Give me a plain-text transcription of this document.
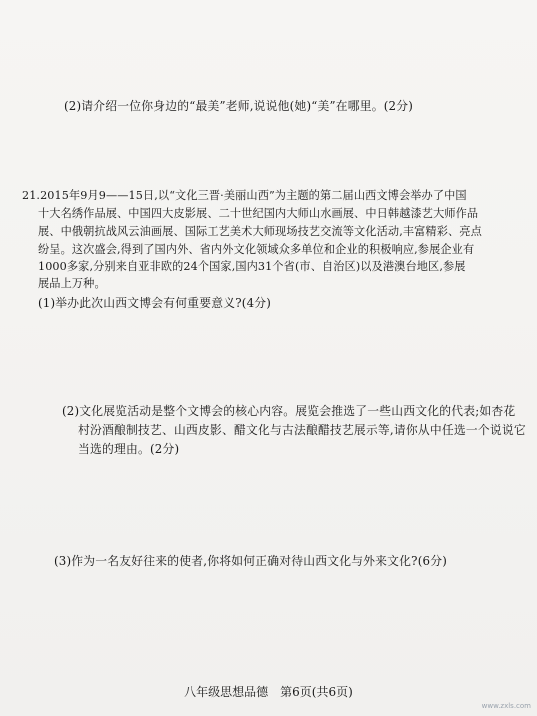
(2)请介绍一位你身边的“最美”老师,说说他(她)“美”在哪里。(2分)
21.2015年9月9——15日,以“文化三晋·美丽山西”为主题的第二届山西文博会举办了中国
十大名绣作品展、中国四大皮影展、二十世纪国内大师山水画展、中日韩越漆艺大师作品
展、中俄朝抗战风云油画展、国际工艺美术大师现场技艺交流等文化活动,丰富精彩、亮点
纷呈。这次盛会,得到了国内外、省内外文化领域众多单位和企业的积极响应,参展企业有
1000多家,分别来自亚非欧的24个国家,国内31个省(市、自治区)以及港澳台地区,参展
展品上万种。
(1)举办此次山西文博会有何重要意义?(4分)
(2)文化展览活动是整个文博会的核心内容。展览会推选了一些山西文化的代表;如杏花
村汾酒酿制技艺、山西皮影、醋文化与古法酿醋技艺展示等,请你从中任选一个说说它
当选的理由。(2分)
(3)作为一名友好往来的使者,你将如何正确对待山西文化与外来文化?(6分)
八年级思想品德　第6页(共6页)
www.zxls.com
